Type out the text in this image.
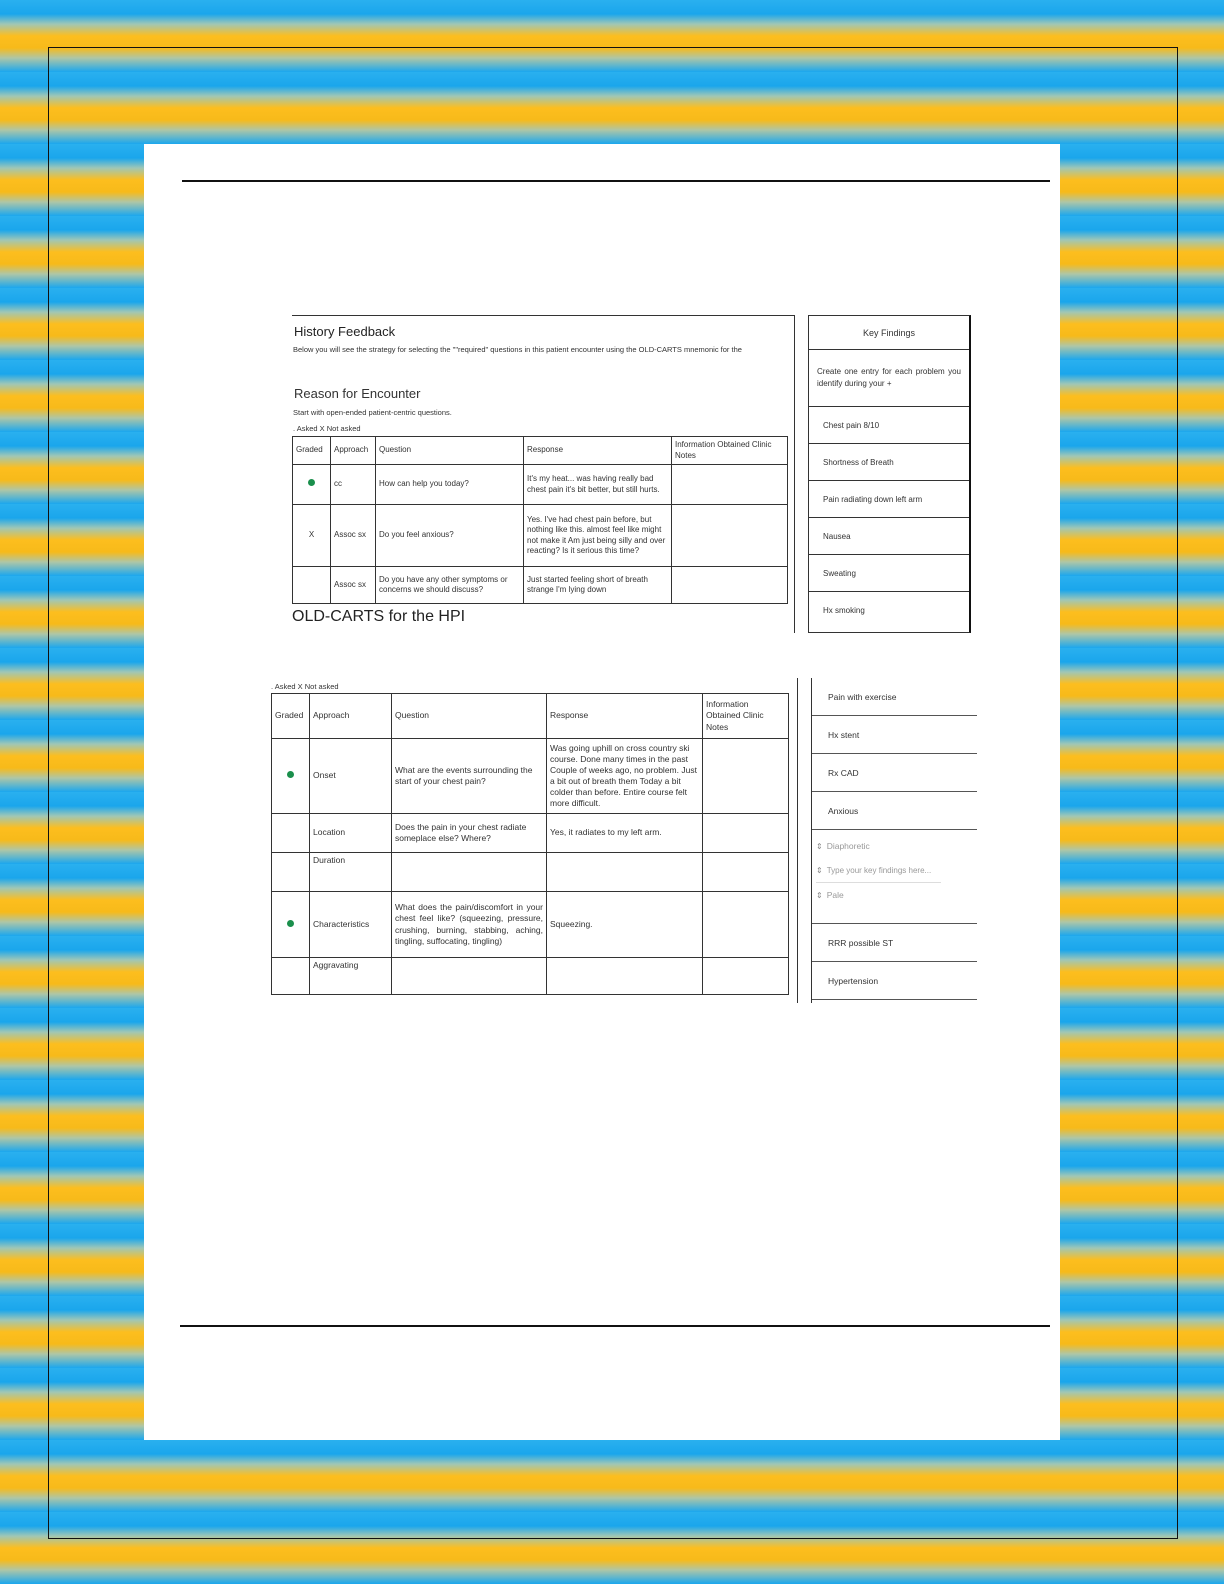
History Feedback
Below you will see the strategy for selecting the ""required" questions in this patient encounter using the OLD-CARTS mnemonic for the
Reason for Encounter
Start with open-ended patient-centric questions.
. Asked X Not asked
Graded	Approach	Question	Response	Information Obtained Clinic Notes
	cc	How can help you today?	It's my heat... was having really bad chest pain it's bit better, but still hurts.	
X	Assoc sx	Do you feel anxious?	Yes. I've had chest pain before, but nothing like this. almost feel like might not make it Am just being silly and over reacting? Is it serious this time?	
	Assoc sx	Do you have any other symptoms or concerns we should discuss?	Just started feeling short of breath strange I'm lying down	
OLD-CARTS for the HPI
Key Findings
Create one entry for each problem you identify during your +
Chest pain 8/10
Shortness of Breath
Pain radiating down left arm
Nausea
Sweating
Hx smoking
. Asked X Not asked
Graded	Approach	Question	Response	Information Obtained Clinic Notes
	Onset	What are the events surrounding the start of your chest pain?	Was going uphill on cross country ski course. Done many times in the past Couple of weeks ago, no problem. Just a bit out of breath them Today a bit colder than before. Entire course felt more difficult.	
	Location	Does the pain in your chest radiate someplace else? Where?	Yes, it radiates to my left arm.	
	Duration			
	Characteristics	What does the pain/discomfort in your chest feel like? (squeezing, pressure, crushing, burning, stabbing, aching, tingling, suffocating, tingling)	Squeezing.	
	Aggravating			
Pain with exercise
Hx stent
Rx CAD
Anxious
⇕ Diaphoretic
⇕ Type your key findings here...
⇕ Pale
RRR possible ST
Hypertension
